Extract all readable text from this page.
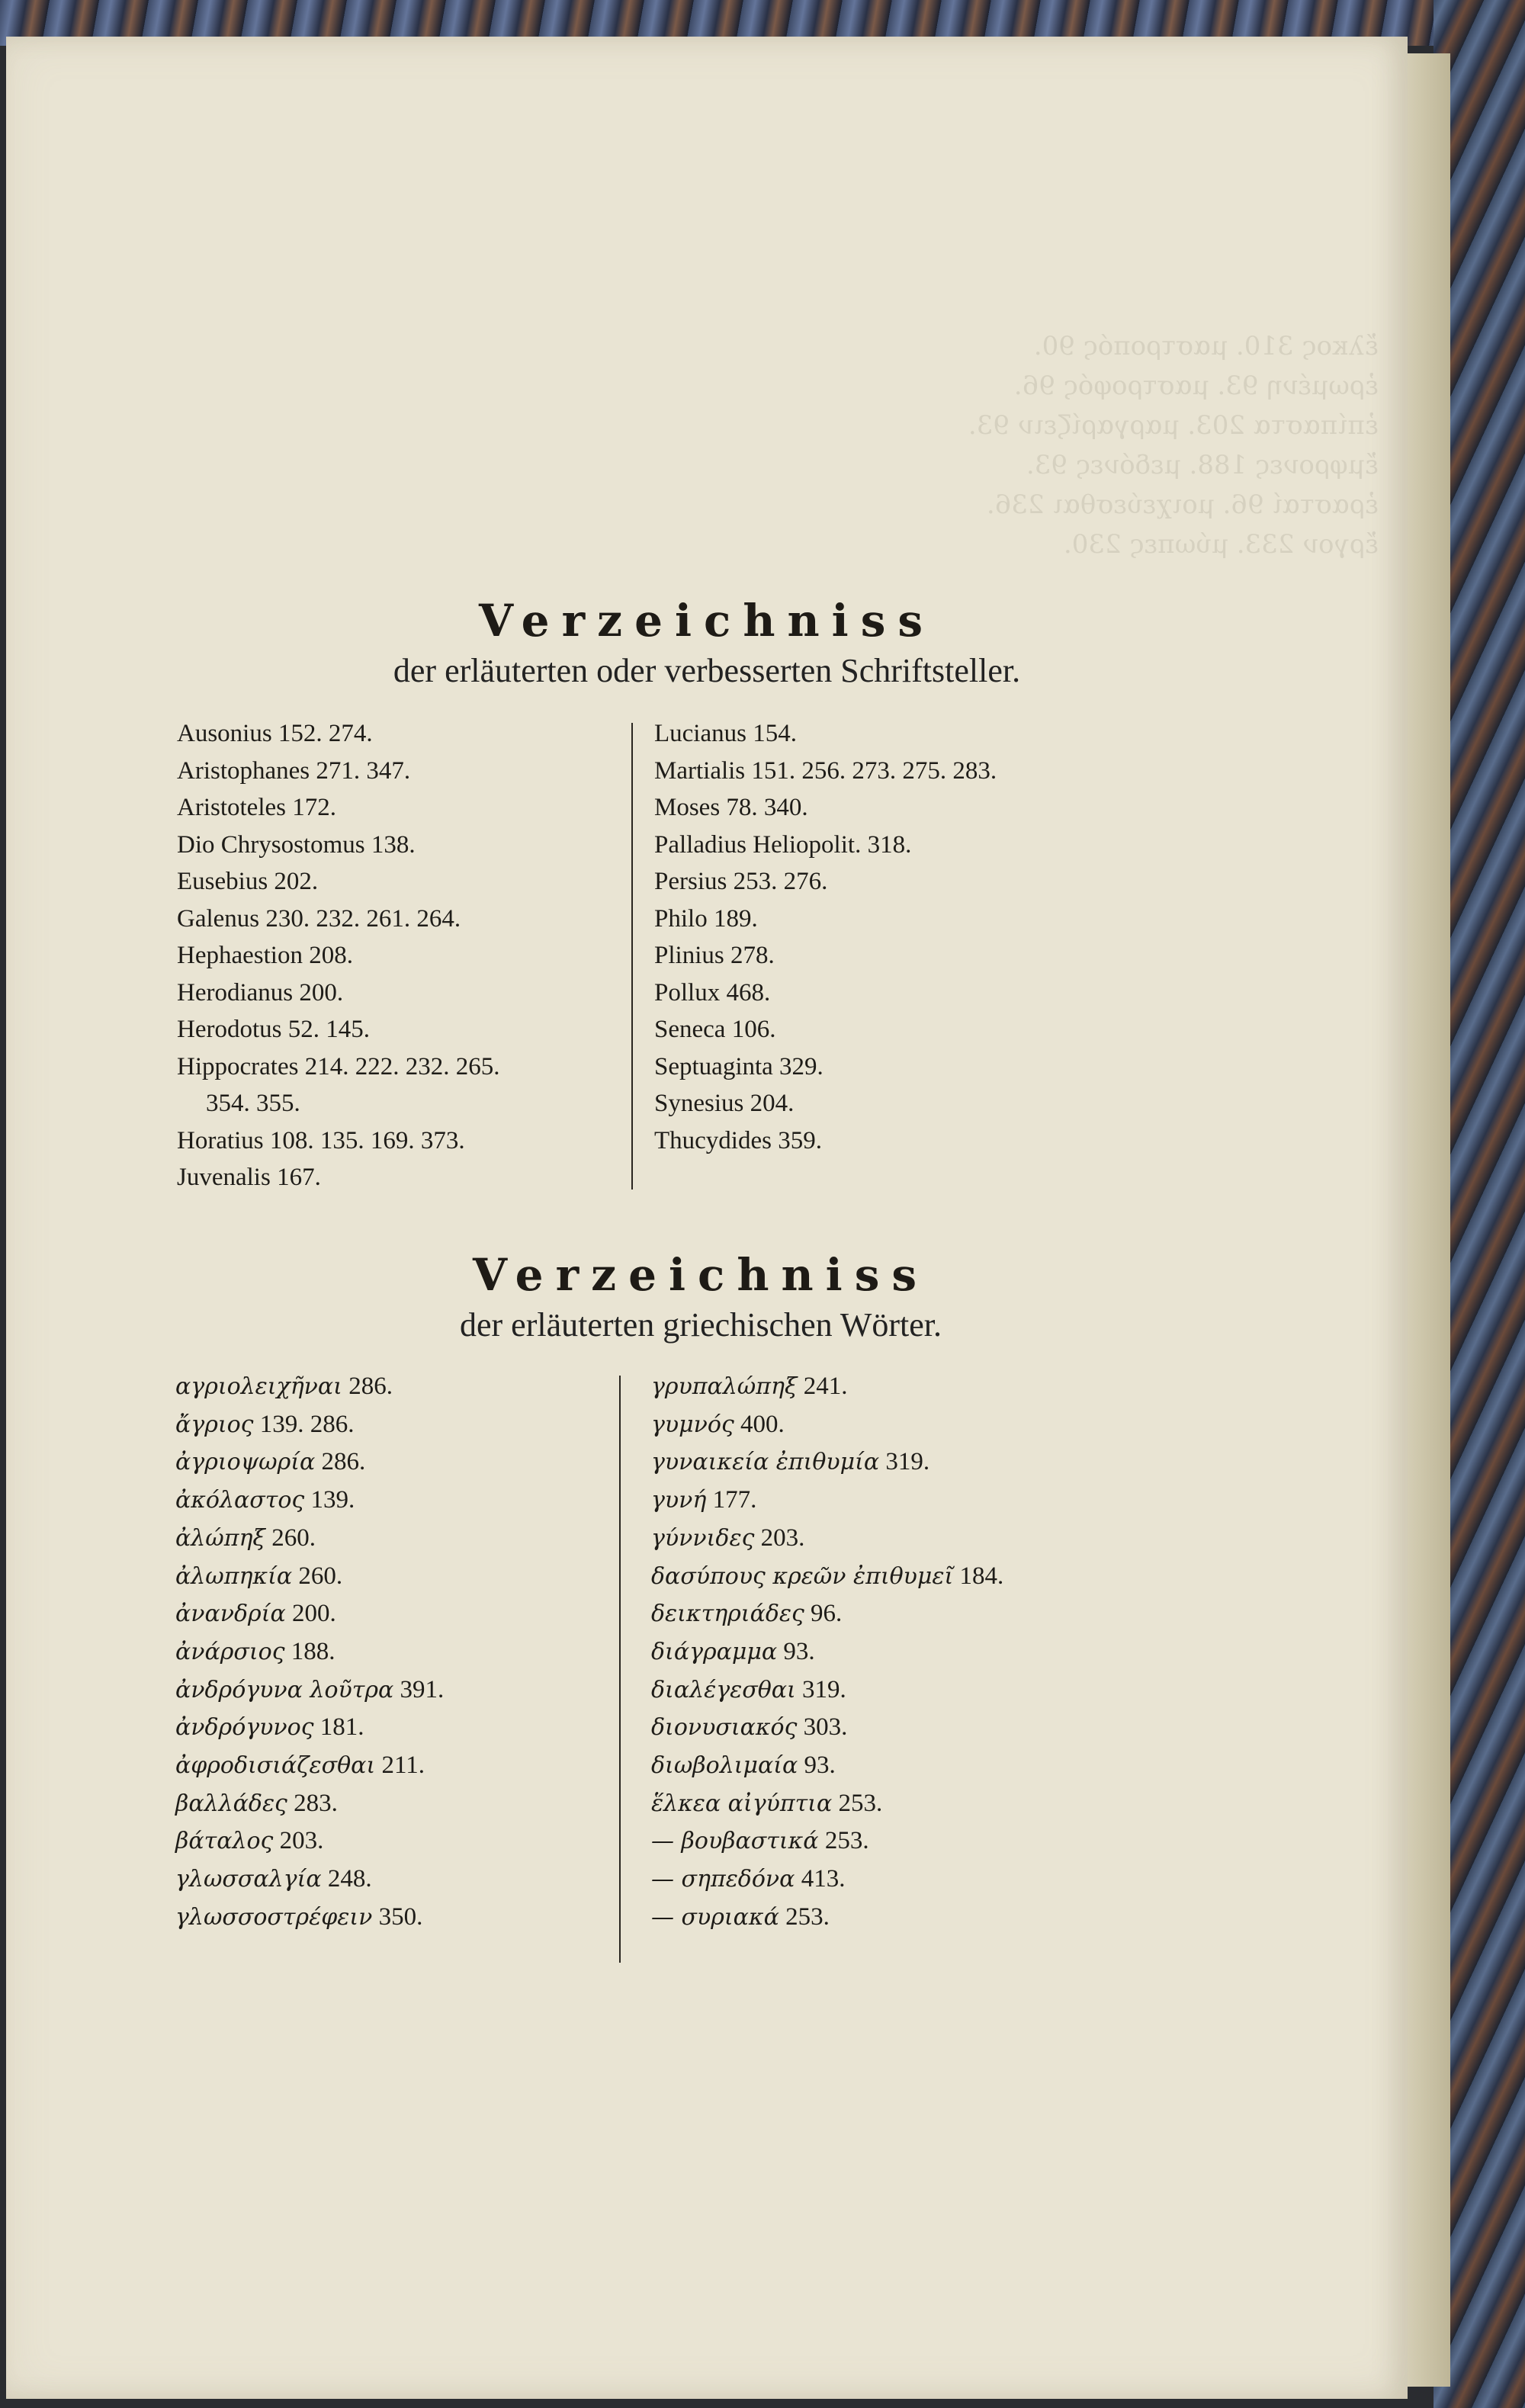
ἔλκος 310. μαστροπός 90.
ἐρωμένη 93. μαστροφός 96.
ἐπίπαστα 203. μαργαρίζειν 93.
ἔμφρονες 188. μεδόνες 93.
ἐρασταί 96. μοιχεύεσθαι 236.
ἔργον 233. μύωπες 230.
Verzeichniss
der erläuterten oder verbesserten Schriftsteller.
Ausonius 152. 274.
Aristophanes 271. 347.
Aristoteles 172.
Dio Chrysostomus 138.
Eusebius 202.
Galenus 230. 232. 261. 264.
Hephaestion 208.
Herodianus 200.
Herodotus 52. 145.
Hippocrates 214. 222. 232. 265.
354. 355.
Horatius 108. 135. 169. 373.
Juvenalis 167.
Lucianus 154.
Martialis 151. 256. 273. 275. 283.
Moses 78. 340.
Palladius Heliopolit. 318.
Persius 253. 276.
Philo 189.
Plinius 278.
Pollux 468.
Seneca 106.
Septuaginta 329.
Synesius 204.
Thucydides 359.
Verzeichniss
der erläuterten griechischen Wörter.
αγριολειχῆναι 286.
ἄγριος 139. 286.
ἀγριοψωρία 286.
ἀκόλαστος 139.
ἀλώπηξ 260.
ἀλωπηκία 260.
ἀνανδρία 200.
ἀνάρσιος 188.
ἀνδρόγυνα λοῦτρα 391.
ἀνδρόγυνος 181.
ἀφροδισιάζεσθαι 211.
βαλλάδες 283.
βάταλος 203.
γλωσσαλγία 248.
γλωσσοστρέφειν 350.
γρυπαλώπηξ 241.
γυμνός 400.
γυναικεία ἐπιθυμία 319.
γυνή 177.
γύννιδες 203.
δασύπους κρεῶν ἐπιθυμεῖ 184.
δεικτηριάδες 96.
διάγραμμα 93.
διαλέγεσθαι 319.
διονυσιακός 303.
διωβολιμαία 93.
ἕλκεα αἰγύπτια 253.
— βουβαστικά 253.
— σηπεδόνα 413.
— συριακά 253.
